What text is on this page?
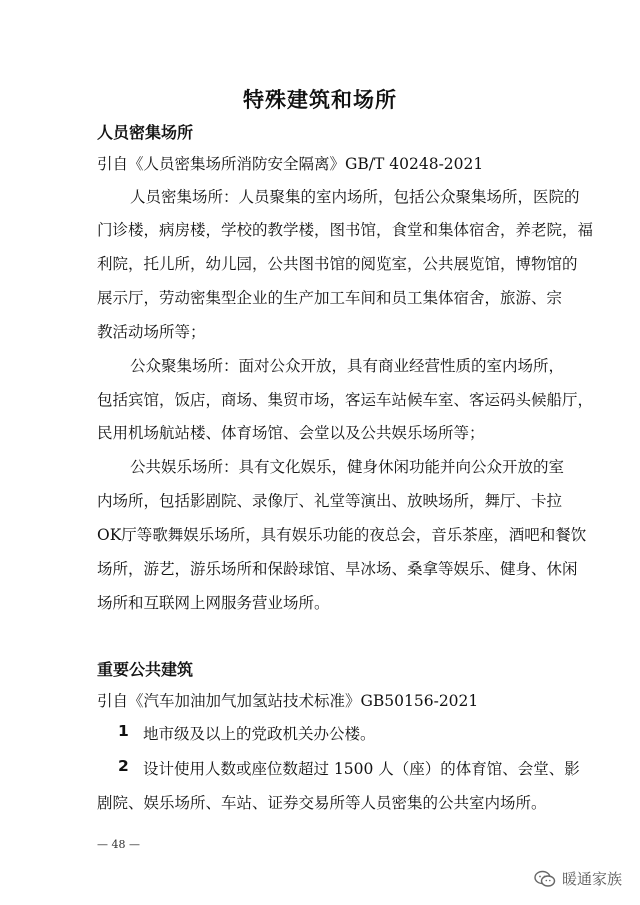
特殊建筑和场所
人员密集场所
引自《人员密集场所消防安全隔离》GB/T 40248-2021
人员密集场所：人员聚集的室内场所，包括公众聚集场所，医院的
门诊楼，病房楼，学校的教学楼，图书馆，食堂和集体宿舍，养老院，福
利院，托儿所，幼儿园，公共图书馆的阅览室，公共展览馆，博物馆的
展示厅，劳动密集型企业的生产加工车间和员工集体宿舍，旅游、宗
教活动场所等；
公众聚集场所：面对公众开放，具有商业经营性质的室内场所，
包括宾馆，饭店，商场、集贸市场，客运车站候车室、客运码头候船厅，
民用机场航站楼、体育场馆、会堂以及公共娱乐场所等；
公共娱乐场所：具有文化娱乐，健身休闲功能并向公众开放的室
内场所，包括影剧院、录像厅、礼堂等演出、放映场所，舞厅、卡拉
OK厅等歌舞娱乐场所，具有娱乐功能的夜总会，音乐茶座，酒吧和餐饮
场所，游艺，游乐场所和保龄球馆、旱冰场、桑拿等娱乐、健身、休闲
场所和互联网上网服务营业场所。
重要公共建筑
引自《汽车加油加气加氢站技术标准》GB50156-2021
1 地市级及以上的党政机关办公楼。
2 设计使用人数或座位数超过 1500 人（座）的体育馆、会堂、影
剧院、娱乐场所、车站、证券交易所等人员密集的公共室内场所。
— 48 —
暖通家族
